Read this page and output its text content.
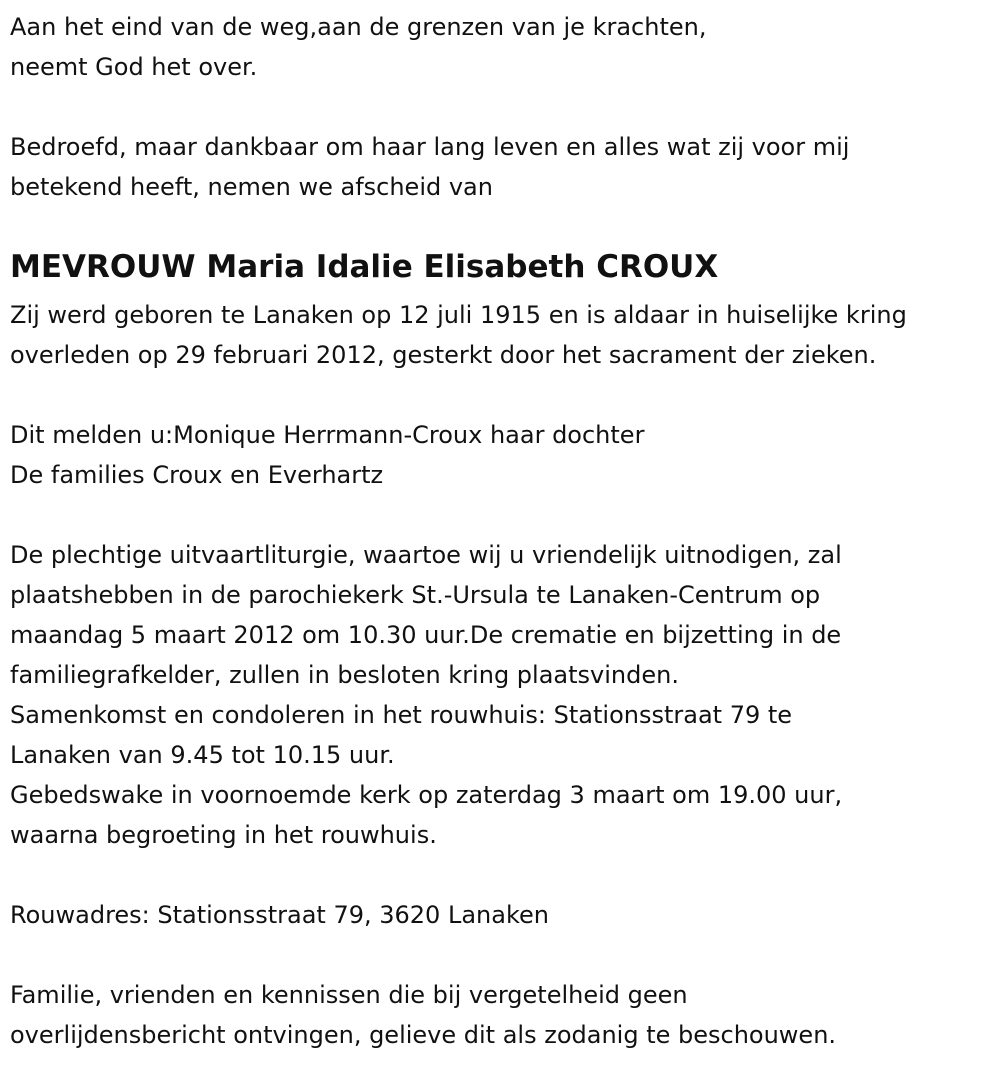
Aan het eind van de weg,aan de grenzen van je krachten,
neemt God het over.
Bedroefd, maar dankbaar om haar lang leven en alles wat zij voor mij
betekend heeft, nemen we afscheid van
MEVROUW Maria Idalie Elisabeth CROUX
Zij werd geboren te Lanaken op 12 juli 1915 en is aldaar in huiselijke kring
overleden op 29 februari 2012, gesterkt door het sacrament der zieken.
Dit melden u:Monique Herrmann-Croux haar dochter
De families Croux en Everhartz
De plechtige uitvaartliturgie, waartoe wij u vriendelijk uitnodigen, zal
plaatshebben in de parochiekerk St.-Ursula te Lanaken-Centrum op
maandag 5 maart 2012 om 10.30 uur.De crematie en bijzetting in de
familiegrafkelder, zullen in besloten kring plaatsvinden.
Samenkomst en condoleren in het rouwhuis: Stationsstraat 79 te
Lanaken van 9.45 tot 10.15 uur.
Gebedswake in voornoemde kerk op zaterdag 3 maart om 19.00 uur,
waarna begroeting in het rouwhuis.
Rouwadres: Stationsstraat 79, 3620 Lanaken
Familie, vrienden en kennissen die bij vergetelheid geen
overlijdensbericht ontvingen, gelieve dit als zodanig te beschouwen.
